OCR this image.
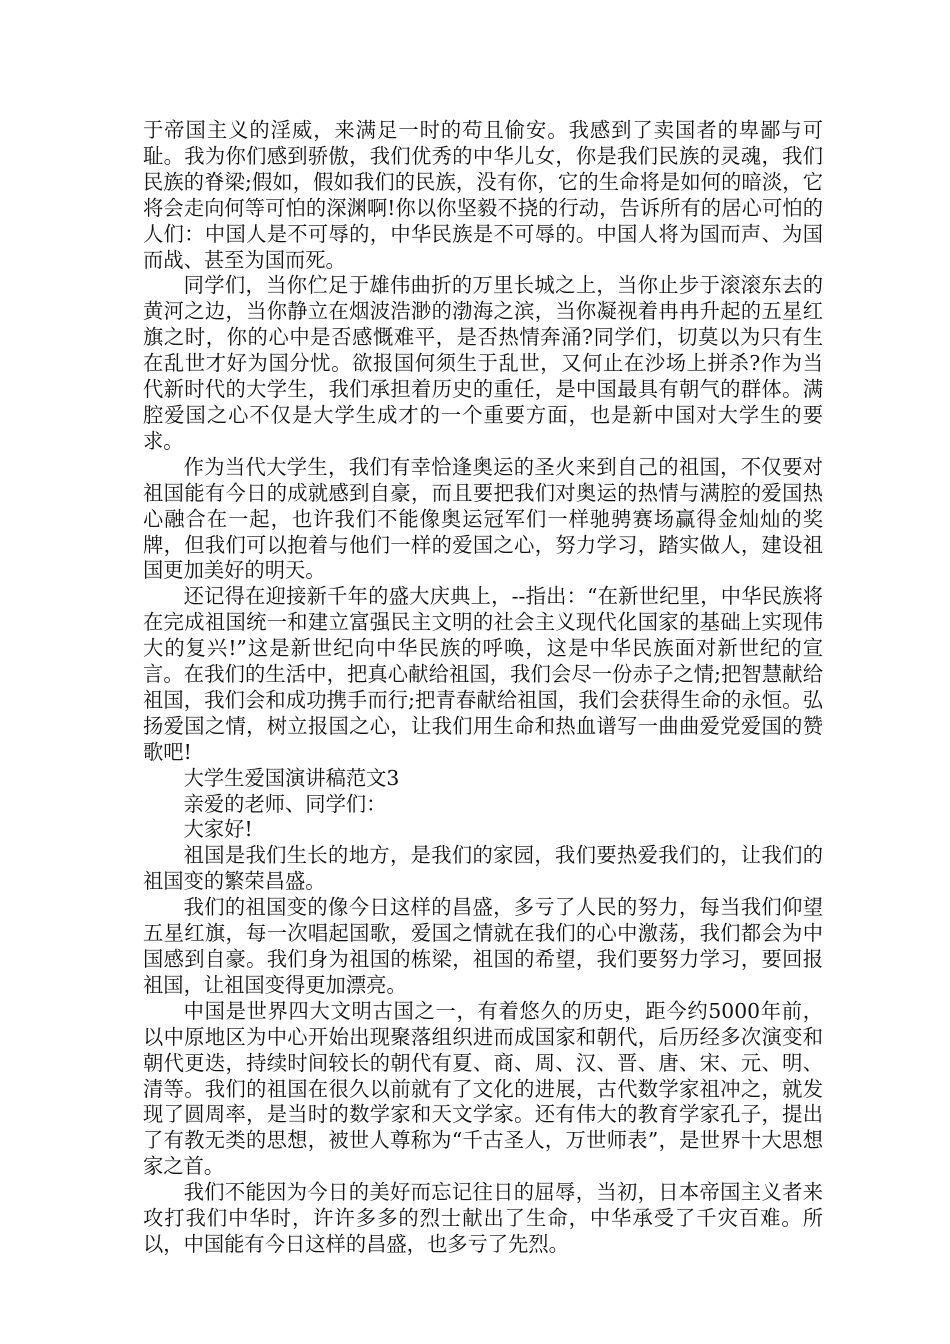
于帝国主义的淫威，来满足一时的苟且偷安。我感到了卖国者的卑鄙与可耻。我为你们感到骄傲，我们优秀的中华儿女，你是我们民族的灵魂，我们民族的脊梁;假如，假如我们的民族，没有你，它的生命将是如何的暗淡，它将会走向何等可怕的深渊啊!你以你坚毅不挠的行动，告诉所有的居心可怕的人们：中国人是不可辱的，中华民族是不可辱的。中国人将为国而声、为国而战、甚至为国而死。

同学们，当你伫足于雄伟曲折的万里长城之上，当你止步于滚滚东去的黄河之边，当你静立在烟波浩渺的渤海之滨，当你凝视着冉冉升起的五星红旗之时，你的心中是否感慨难平，是否热情奔涌?同学们，切莫以为只有生在乱世才好为国分忧。欲报国何须生于乱世，又何止在沙场上拼杀?作为当代新时代的大学生，我们承担着历史的重任，是中国最具有朝气的群体。满腔爱国之心不仅是大学生成才的一个重要方面，也是新中国对大学生的要求。

作为当代大学生，我们有幸恰逢奥运的圣火来到自己的祖国，不仅要对祖国能有今日的成就感到自豪，而且要把我们对奥运的热情与满腔的爱国热心融合在一起，也许我们不能像奥运冠军们一样驰骋赛场赢得金灿灿的奖牌，但我们可以抱着与他们一样的爱国之心，努力学习，踏实做人，建设祖国更加美好的明天。

还记得在迎接新千年的盛大庆典上，--指出：“在新世纪里，中华民族将在完成祖国统一和建立富强民主文明的社会主义现代化国家的基础上实现伟大的复兴!”这是新世纪向中华民族的呼唤，这是中华民族面对新世纪的宣言。在我们的生活中，把真心献给祖国，我们会尽一份赤子之情;把智慧献给祖国，我们会和成功携手而行;把青春献给祖国，我们会获得生命的永恒。弘扬爱国之情，树立报国之心，让我们用生命和热血谱写一曲曲爱党爱国的赞歌吧!

大学生爱国演讲稿范文3

亲爱的老师、同学们：

大家好!

祖国是我们生长的地方，是我们的家园，我们要热爱我们的，让我们的祖国变的繁荣昌盛。

我们的祖国变的像今日这样的昌盛，多亏了人民的努力，每当我们仰望五星红旗，每一次唱起国歌，爱国之情就在我们的心中激荡，我们都会为中国感到自豪。我们身为祖国的栋梁，祖国的希望，我们要努力学习，要回报祖国，让祖国变得更加漂亮。

中国是世界四大文明古国之一，有着悠久的历史，距今约5000年前，以中原地区为中心开始出现聚落组织进而成国家和朝代，后历经多次演变和朝代更迭，持续时间较长的朝代有夏、商、周、汉、晋、唐、宋、元、明、清等。我们的祖国在很久以前就有了文化的进展，古代数学家祖冲之，就发现了圆周率，是当时的数学家和天文学家。还有伟大的教育学家孔子，提出了有教无类的思想，被世人尊称为“千古圣人，万世师表”，是世界十大思想家之首。

我们不能因为今日的美好而忘记往日的屈辱，当初，日本帝国主义者来攻打我们中华时，许许多多的烈士献出了生命，中华承受了千灾百难。所以，中国能有今日这样的昌盛，也多亏了先烈。
